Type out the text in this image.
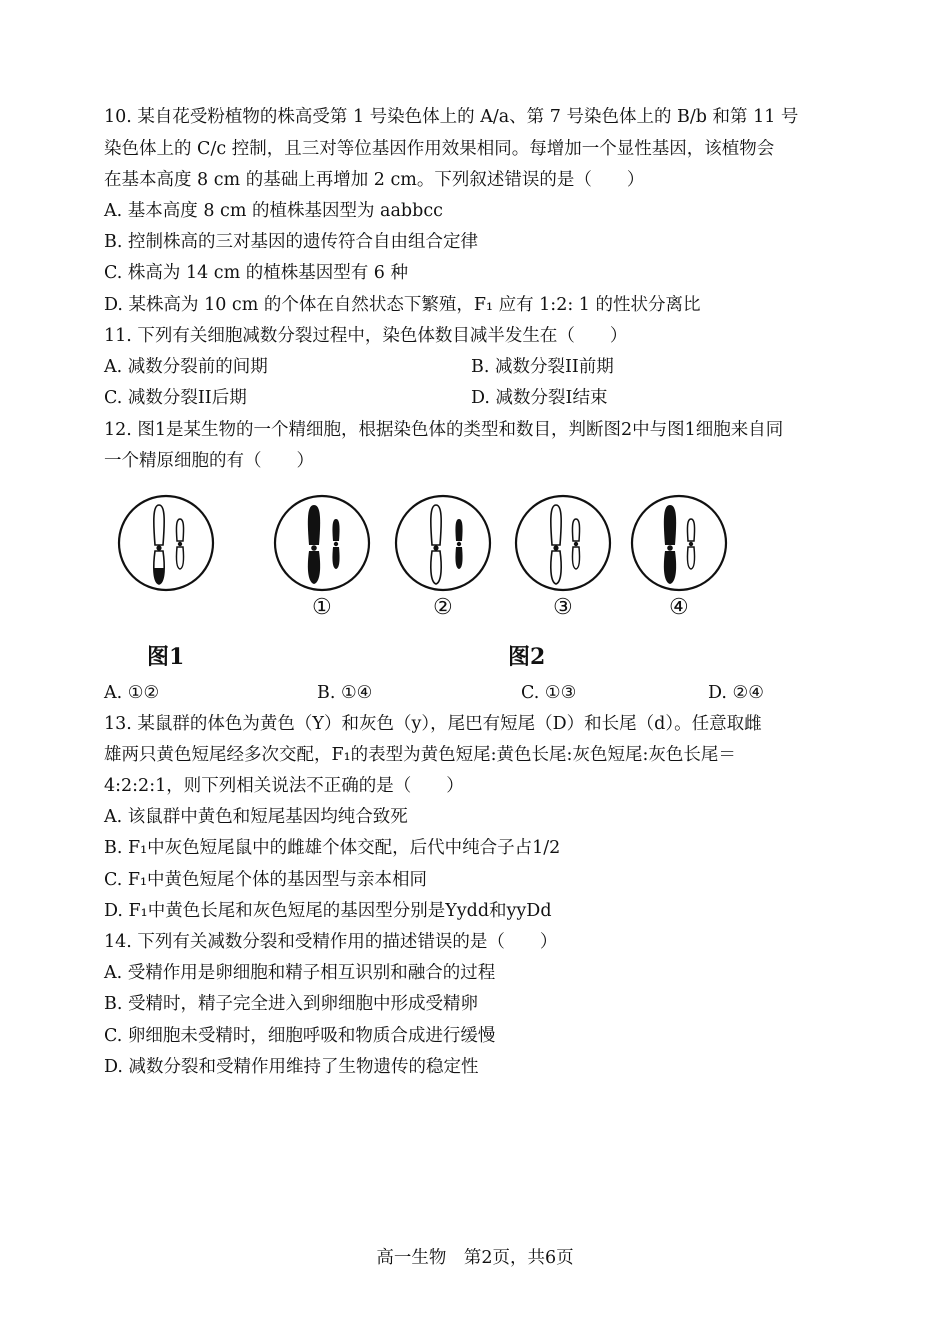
10. 某自花受粉植物的株高受第 1 号染色体上的 A/a、第 7 号染色体上的 B/b 和第 11 号
染色体上的 C/c 控制，且三对等位基因作用效果相同。每增加一个显性基因，该植物会
在基本高度 8 cm 的基础上再增加 2 cm。下列叙述错误的是（　　）
A. 基本高度 8 cm 的植株基因型为 aabbcc
B. 控制株高的三对基因的遗传符合自由组合定律
C. 株高为 14 cm 的植株基因型有 6 种
D. 某株高为 10 cm 的个体在自然状态下繁殖，F₁ 应有 1:2: 1 的性状分离比
11. 下列有关细胞减数分裂过程中，染色体数目减半发生在（　　）
A. 减数分裂前的间期	B. 减数分裂II前期
C. 减数分裂II后期	D. 减数分裂I结束
12. 图1是某生物的一个精细胞，根据染色体的类型和数目，判断图2中与图1细胞来自同
一个精原细胞的有（　　）
①	②	③	④
图1	图2
A. ①②	B. ①④	C. ①③	D. ②④
13. 某鼠群的体色为黄色（Y）和灰色（y），尾巴有短尾（D）和长尾（d）。任意取雌
雄两只黄色短尾经多次交配，F₁的表型为黄色短尾:黄色长尾:灰色短尾:灰色长尾＝
4:2:2:1，则下列相关说法不正确的是（　　）
A. 该鼠群中黄色和短尾基因均纯合致死
B. F₁中灰色短尾鼠中的雌雄个体交配，后代中纯合子占1/2
C. F₁中黄色短尾个体的基因型与亲本相同
D. F₁中黄色长尾和灰色短尾的基因型分别是Yydd和yyDd
14. 下列有关减数分裂和受精作用的描述错误的是（　　）
A. 受精作用是卵细胞和精子相互识别和融合的过程
B. 受精时，精子完全进入到卵细胞中形成受精卵
C. 卵细胞未受精时，细胞呼吸和物质合成进行缓慢
D. 减数分裂和受精作用维持了生物遗传的稳定性
高一生物　第2页，共6页
